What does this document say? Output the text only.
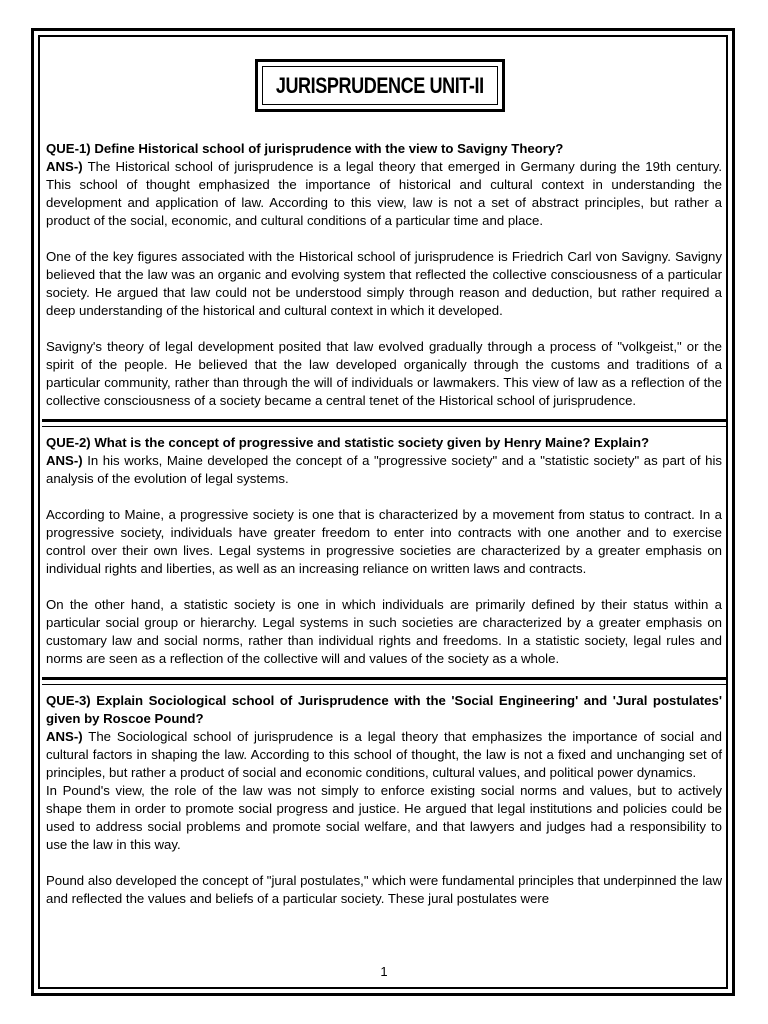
JURISPRUDENCE UNIT-II

QUE-1) Define Historical school of jurisprudence with the view to Savigny Theory?

ANS-) The Historical school of jurisprudence is a legal theory that emerged in Germany during the 19th century. This school of thought emphasized the importance of historical and cultural context in understanding the development and application of law. According to this view, law is not a set of abstract principles, but rather a product of the social, economic, and cultural conditions of a particular time and place.

One of the key figures associated with the Historical school of jurisprudence is Friedrich Carl von Savigny. Savigny believed that the law was an organic and evolving system that reflected the collective consciousness of a particular society. He argued that law could not be understood simply through reason and deduction, but rather required a deep understanding of the historical and cultural context in which it developed.

Savigny's theory of legal development posited that law evolved gradually through a process of "volkgeist," or the spirit of the people. He believed that the law developed organically through the customs and traditions of a particular community, rather than through the will of individuals or lawmakers. This view of law as a reflection of the collective consciousness of a society became a central tenet of the Historical school of jurisprudence.

QUE-2) What is the concept of progressive and statistic society given by Henry Maine? Explain?

ANS-) In his works, Maine developed the concept of a "progressive society" and a "statistic society" as part of his analysis of the evolution of legal systems.

According to Maine, a progressive society is one that is characterized by a movement from status to contract. In a progressive society, individuals have greater freedom to enter into contracts with one another and to exercise control over their own lives. Legal systems in progressive societies are characterized by a greater emphasis on individual rights and liberties, as well as an increasing reliance on written laws and contracts.

On the other hand, a statistic society is one in which individuals are primarily defined by their status within a particular social group or hierarchy. Legal systems in such societies are characterized by a greater emphasis on customary law and social norms, rather than individual rights and freedoms. In a statistic society, legal rules and norms are seen as a reflection of the collective will and values of the society as a whole.

QUE-3) Explain Sociological school of Jurisprudence with the 'Social Engineering' and 'Jural postulates' given by Roscoe Pound?

ANS-) The Sociological school of jurisprudence is a legal theory that emphasizes the importance of social and cultural factors in shaping the law. According to this school of thought, the law is not a fixed and unchanging set of principles, but rather a product of social and economic conditions, cultural values, and political power dynamics.

In Pound's view, the role of the law was not simply to enforce existing social norms and values, but to actively shape them in order to promote social progress and justice. He argued that legal institutions and policies could be used to address social problems and promote social welfare, and that lawyers and judges had a responsibility to use the law in this way.

Pound also developed the concept of "jural postulates," which were fundamental principles that underpinned the law and reflected the values and beliefs of a particular society. These jural postulates were

1
